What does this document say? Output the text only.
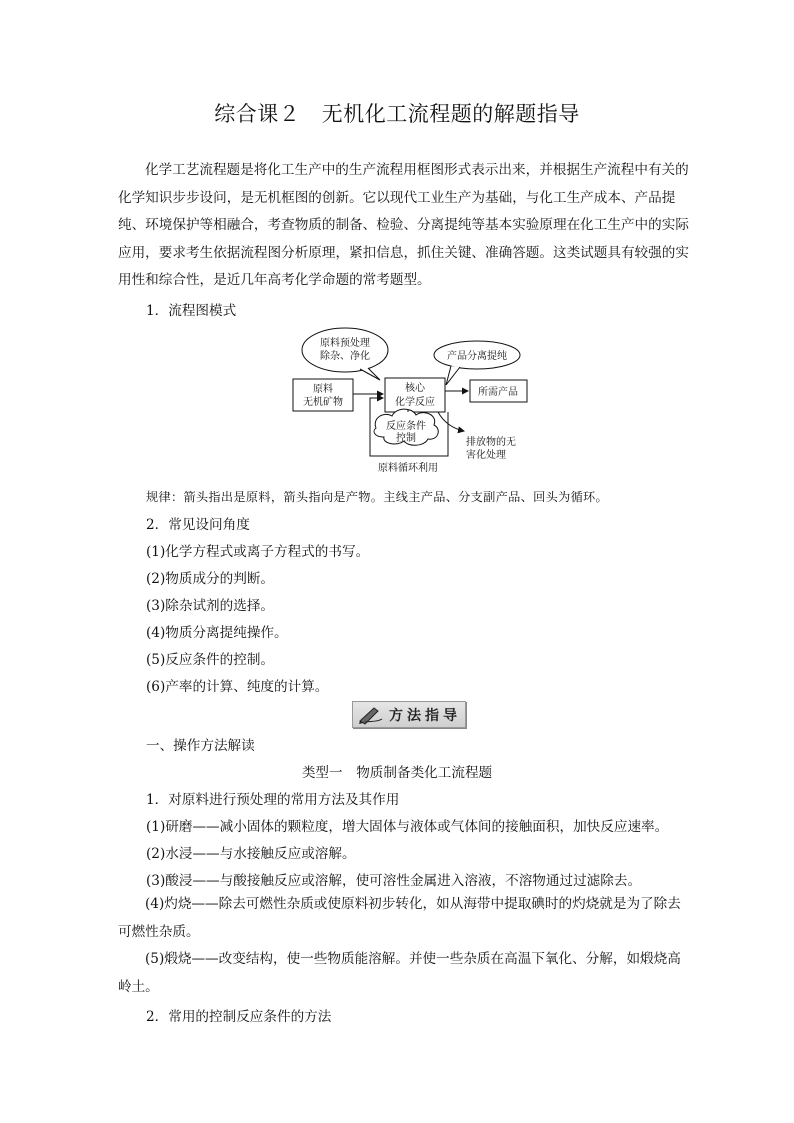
综合课２　无机化工流程题的解题指导
化学工艺流程题是将化工生产中的生产流程用框图形式表示出来，并根据生产流程中有关的化学知识步步设问，是无机框图的创新。它以现代工业生产为基础，与化工生产成本、产品提纯、环境保护等相融合，考查物质的制备、检验、分离提纯等基本实验原理在化工生产中的实际应用，要求考生依据流程图分析原理，紧扣信息，抓住关键、准确答题。这类试题具有较强的实用性和综合性，是近几年高考化学命题的常考题型。
1．流程图模式
原料预处理
除杂、净化	产品分离提纯
原料
无机矿物
核心
化学反应
所需产品
反应条件
控制	排放物的无
害化处理
原料循环利用
规律：箭头指出是原料，箭头指向是产物。主线主产品、分支副产品、回头为循环。
2．常见设问角度
(1)化学方程式或离子方程式的书写。
(2)物质成分的判断。
(3)除杂试剂的选择。
(4)物质分离提纯操作。
(5)反应条件的控制。
(6)产率的计算、纯度的计算。
方法指导
一、操作方法解读
类型一　物质制备类化工流程题
1．对原料进行预处理的常用方法及其作用
(1)研磨——减小固体的颗粒度，增大固体与液体或气体间的接触面积，加快反应速率。
(2)水浸——与水接触反应或溶解。
(3)酸浸——与酸接触反应或溶解，使可溶性金属进入溶液，不溶物通过过滤除去。
(4)灼烧——除去可燃性杂质或使原料初步转化，如从海带中提取碘时的灼烧就是为了除去可燃性杂质。
(5)煅烧——改变结构，使一些物质能溶解。并使一些杂质在高温下氧化、分解，如煅烧高岭土。
2．常用的控制反应条件的方法
